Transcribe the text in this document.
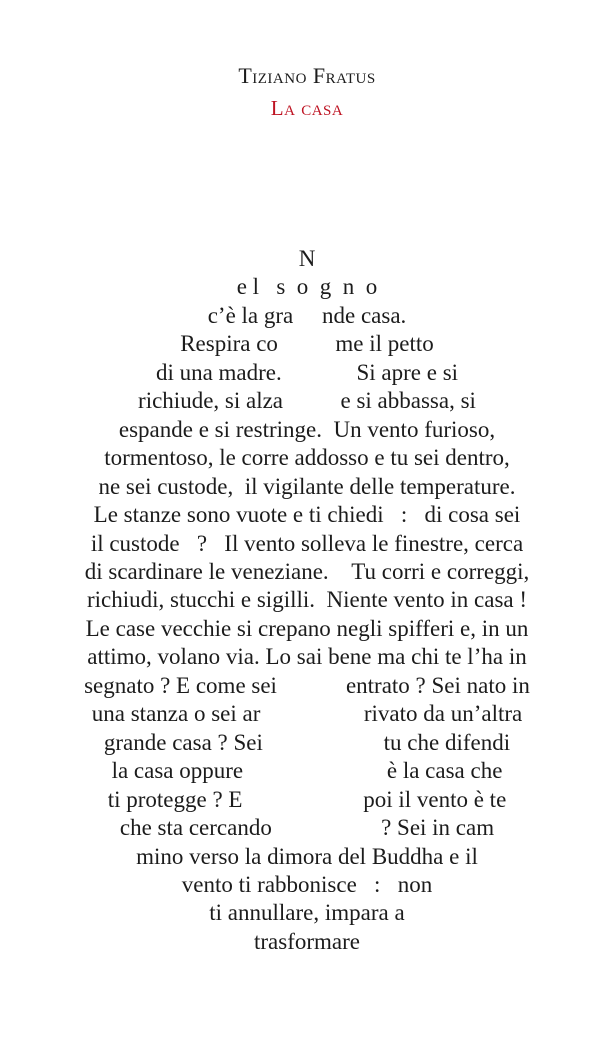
Tiziano Fratus
La casa
N
e l   s  o  g  n  o
c’è la gra     nde casa.
Respira co          me il petto
di una madre.             Si apre e si
richiude, si alza          e si abbassa, si
espande e si restringe.  Un vento furioso,
tormentoso, le corre addosso e tu sei dentro,
ne sei custode,  il vigilante delle temperature.
Le stanze sono vuote e ti chiedi   :   di cosa sei
il custode   ?   Il vento solleva le finestre, cerca
di scardinare le veneziane.    Tu corri e correggi,
richiudi, stucchi e sigilli.  Niente vento in casa !
Le case vecchie si crepano negli spifferi e, in un
attimo, volano via. Lo sai bene ma chi te l’ha in
segnato ? E come sei            entrato ? Sei nato in
una stanza o sei ar                  rivato da un’altra
grande casa ? Sei                     tu che difendi
la casa oppure                         è la casa che
ti protegge ? E                     poi il vento è te
che sta cercando                   ? Sei in cam
mino verso la dimora del Buddha e il
vento ti rabbonisce   :   non
ti annullare, impara a
trasformare
